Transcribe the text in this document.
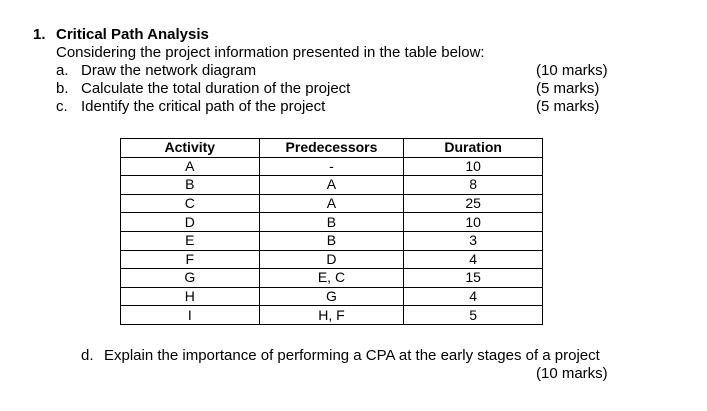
1. Critical Path Analysis
Considering the project information presented in the table below:
a. Draw the network diagram	(10 marks)
b. Calculate the total duration of the project	(5 marks)
c. Identify the critical path of the project	(5 marks)
Activity	Predecessors	Duration
A	-	10
B	A	8
C	A	25
D	B	10
E	B	3
F	D	4
G	E, C	15
H	G	4
I	H, F	5
d. Explain the importance of performing a CPA at the early stages of a project
(10 marks)
